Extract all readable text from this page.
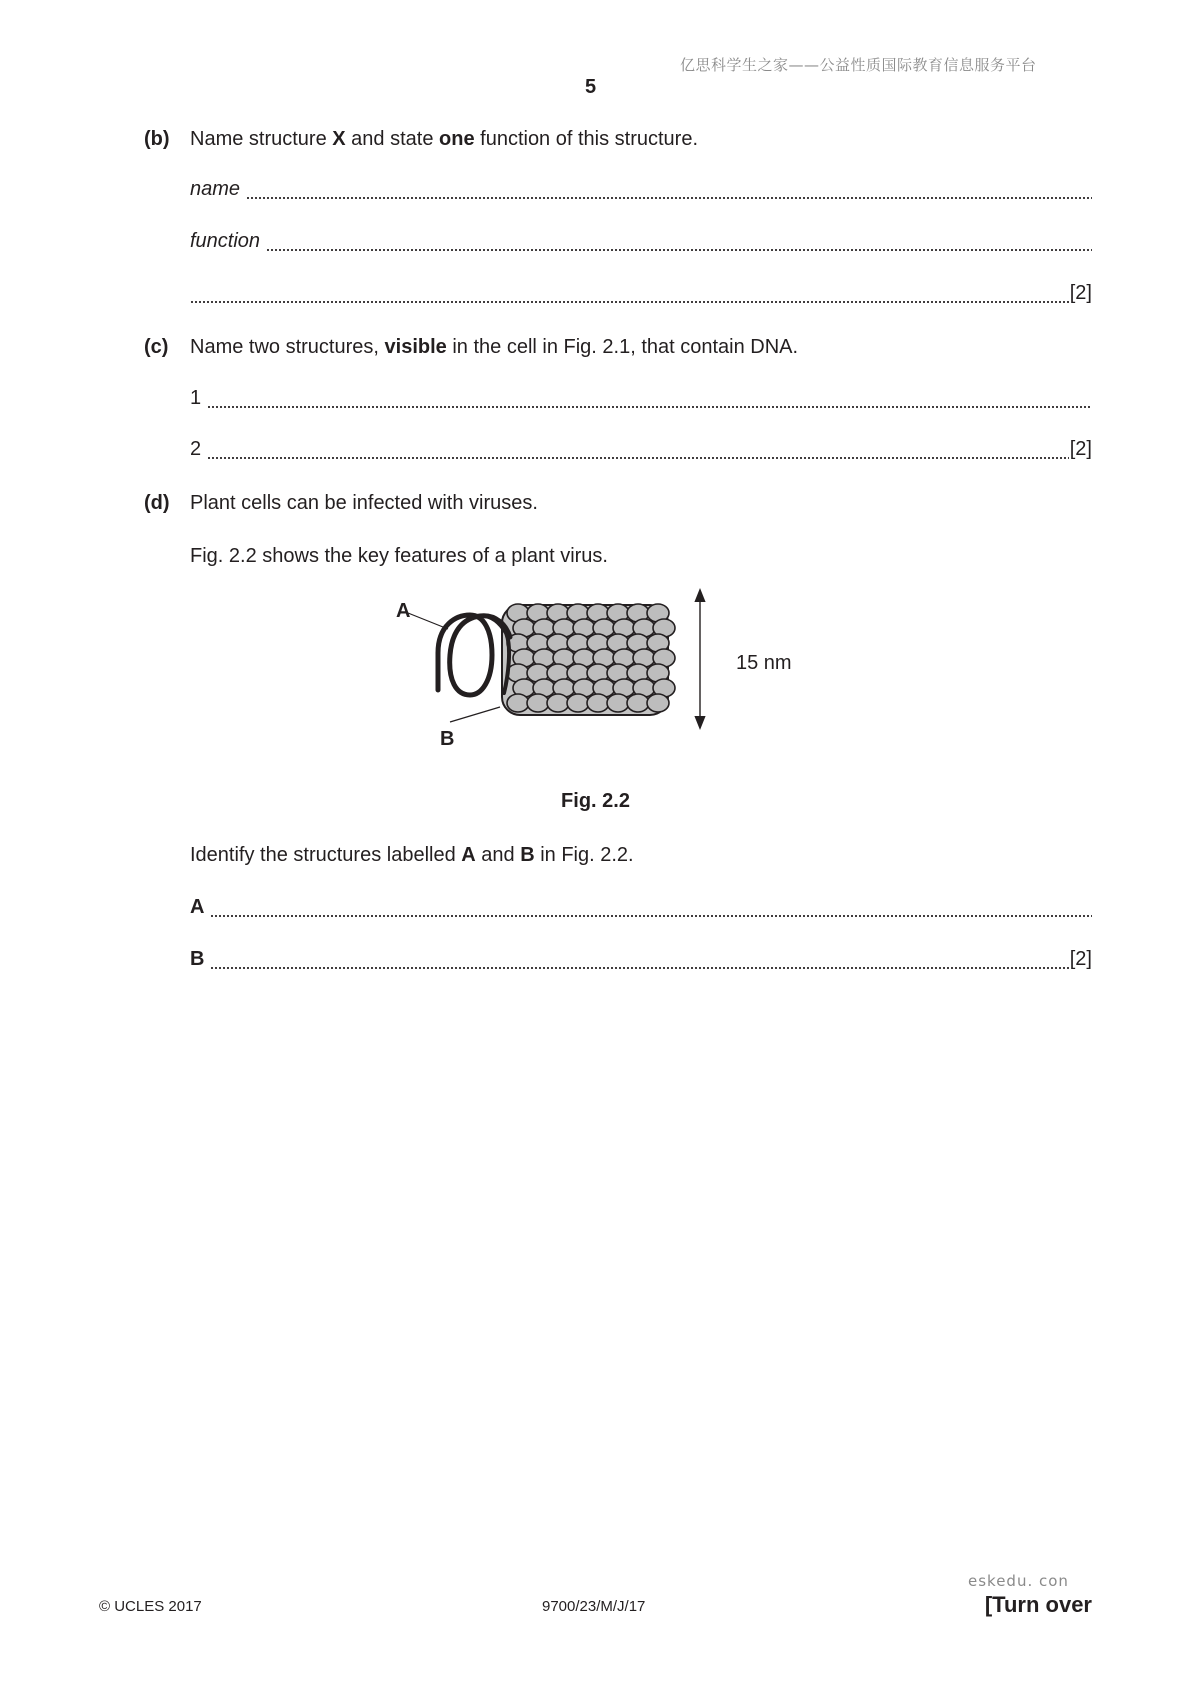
亿思科学生之家——公益性质国际教育信息服务平台
5
(b) Name structure X and state one function of this structure.
name
function
[2]
(c) Name two structures, visible in the cell in Fig. 2.1, that contain DNA.
1
2	[2]
(d) Plant cells can be infected with viruses.
Fig. 2.2 shows the key features of a plant virus.
A
B
15 nm
Fig. 2.2
Identify the structures labelled A and B in Fig. 2.2.
A
B	[2]
eskedu. con
© UCLES 2017	9700/23/M/J/17	[Turn over
